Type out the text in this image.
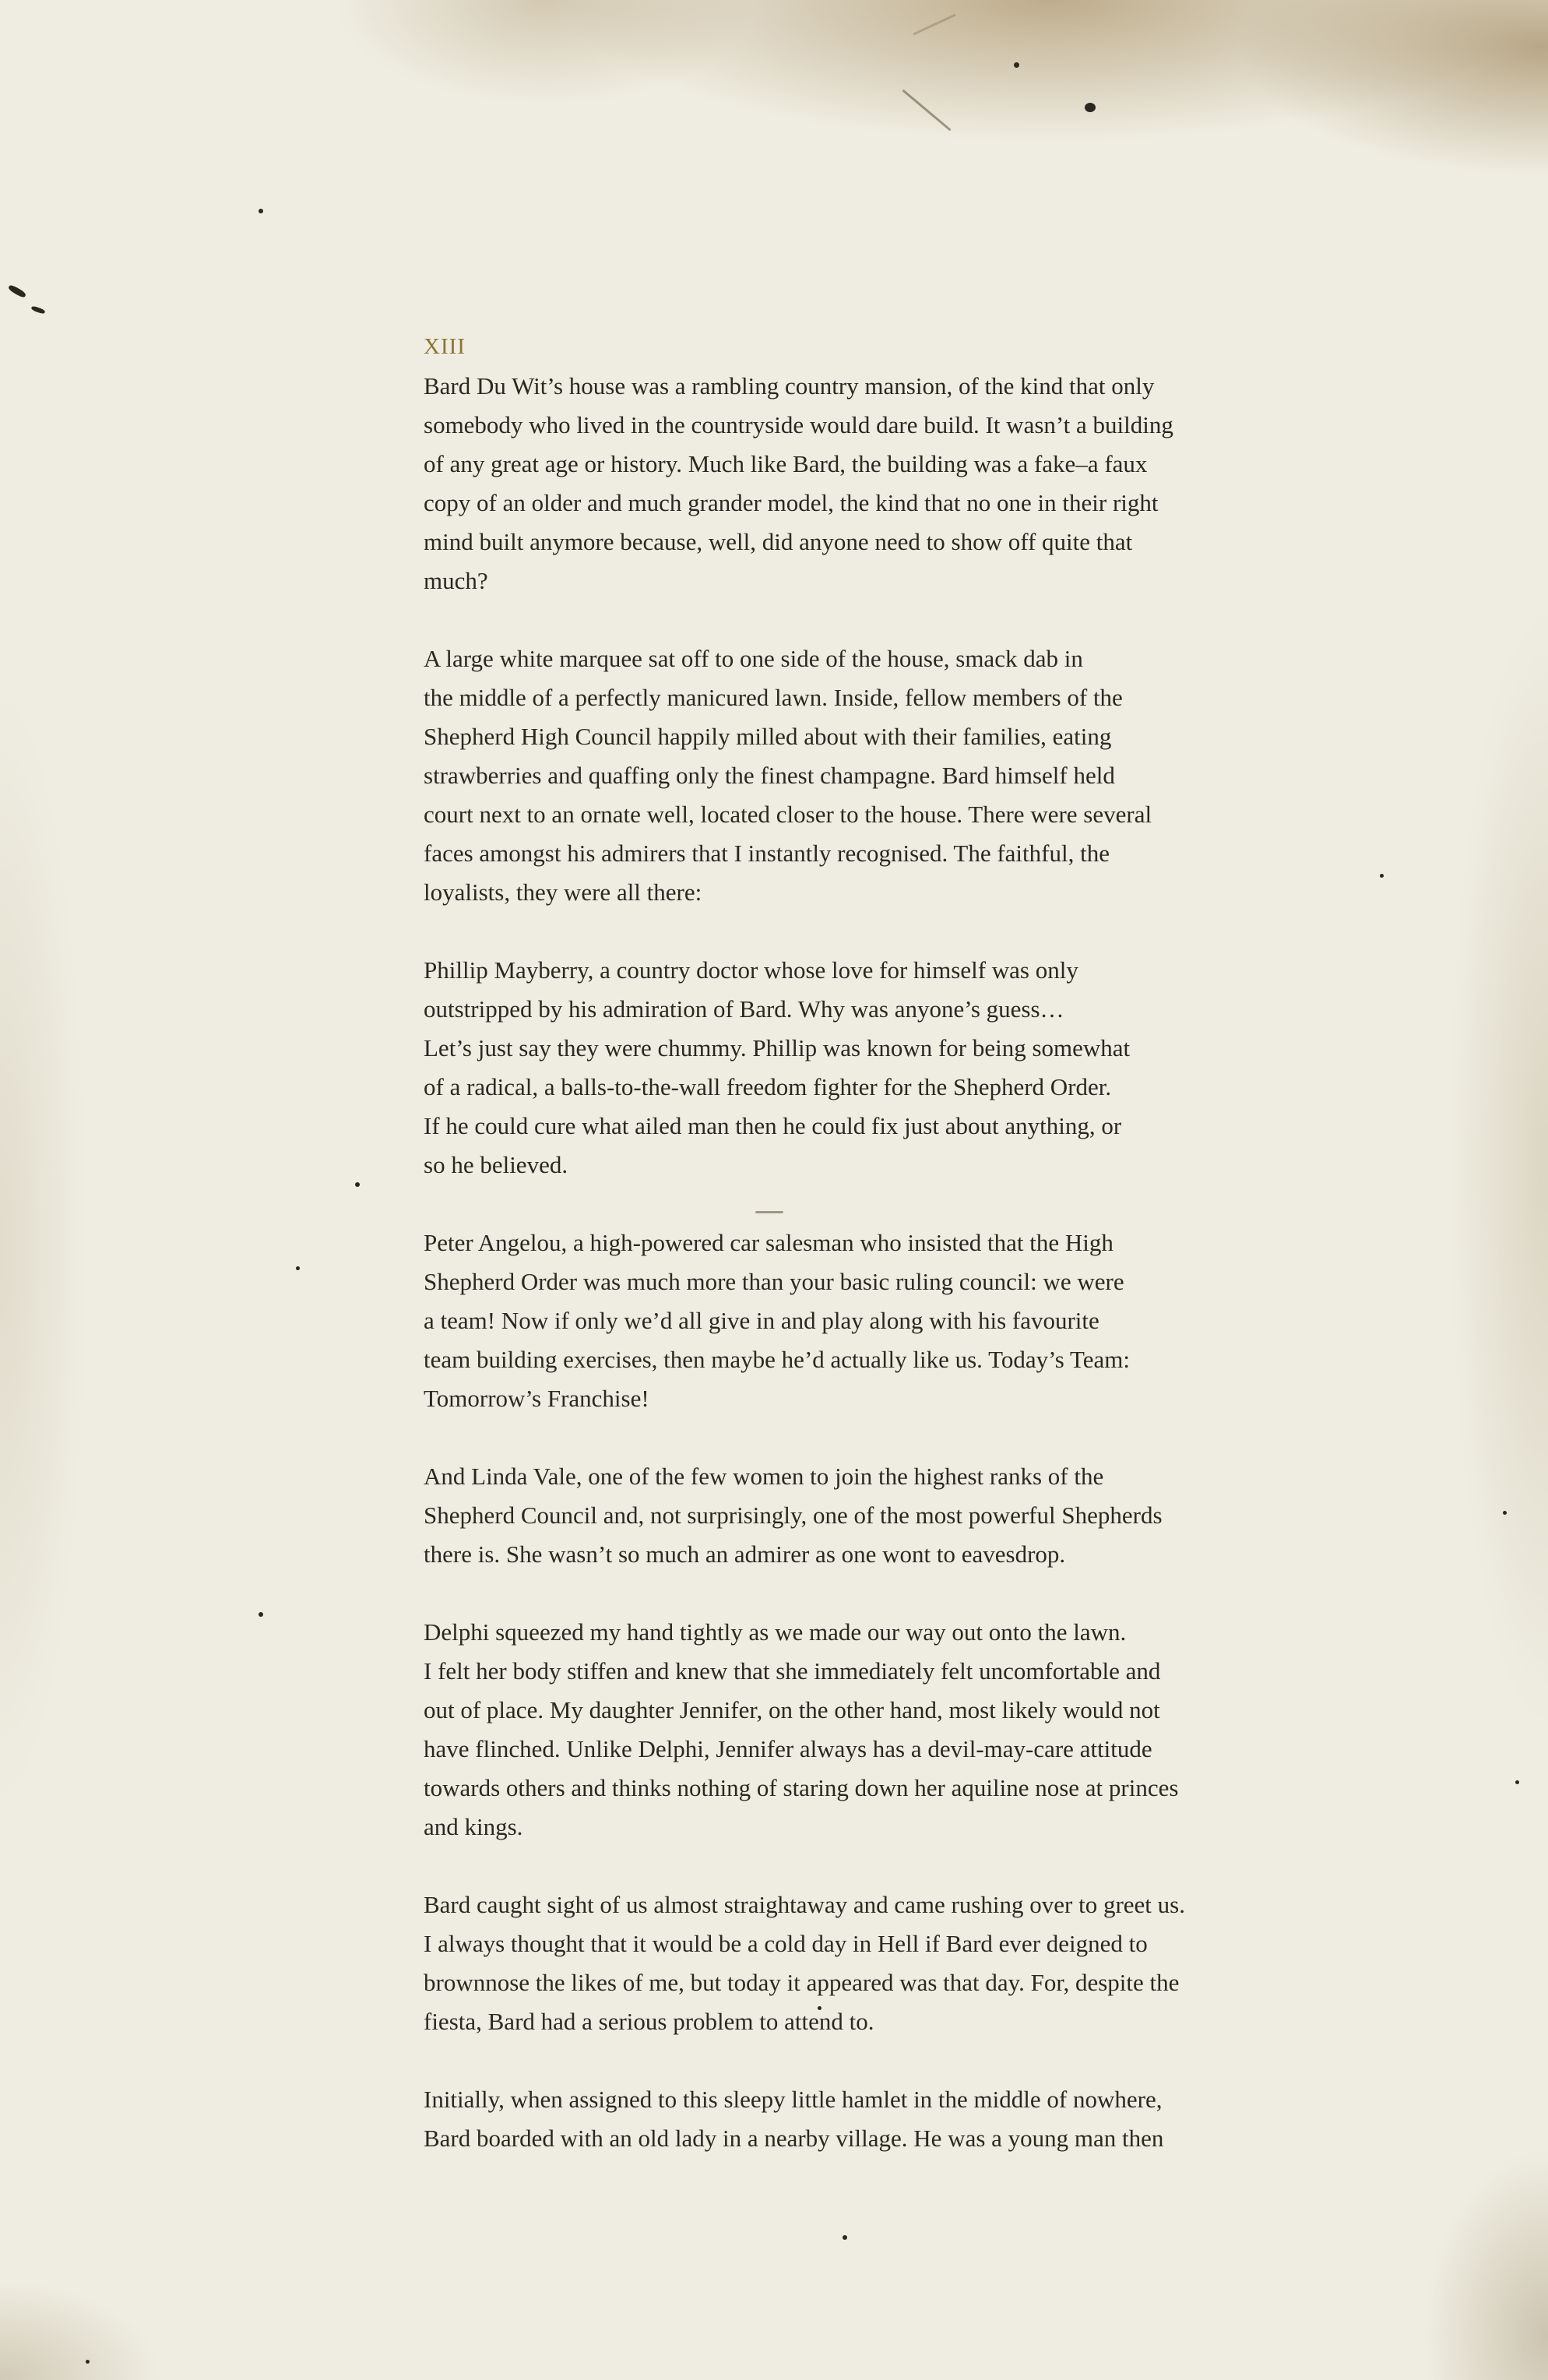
XIII

Bard Du Wit’s house was a rambling country mansion, of the kind that only
somebody who lived in the countryside would dare build. It wasn’t a building
of any great age or history. Much like Bard, the building was a fake–a faux
copy of an older and much grander model, the kind that no one in their right
mind built anymore because, well, did anyone need to show off quite that
much?

A large white marquee sat off to one side of the house, smack dab in
the middle of a perfectly manicured lawn. Inside, fellow members of the
Shepherd High Council happily milled about with their families, eating
strawberries and quaffing only the finest champagne. Bard himself held
court next to an ornate well, located closer to the house. There were several
faces amongst his admirers that I instantly recognised. The faithful, the
loyalists, they were all there:

Phillip Mayberry, a country doctor whose love for himself was only
outstripped by his admiration of Bard. Why was anyone’s guess…
Let’s just say they were chummy. Phillip was known for being somewhat
of a radical, a balls-to-the-wall freedom fighter for the Shepherd Order.
If he could cure what ailed man then he could fix just about anything, or
so he believed.

Peter Angelou, a high-powered car salesman who insisted that the High
Shepherd Order was much more than your basic ruling council: we were
a team! Now if only we’d all give in and play along with his favourite
team building exercises, then maybe he’d actually like us. Today’s Team:
Tomorrow’s Franchise!

And Linda Vale, one of the few women to join the highest ranks of the
Shepherd Council and, not surprisingly, one of the most powerful Shepherds
there is. She wasn’t so much an admirer as one wont to eavesdrop.

Delphi squeezed my hand tightly as we made our way out onto the lawn.
I felt her body stiffen and knew that she immediately felt uncomfortable and
out of place. My daughter Jennifer, on the other hand, most likely would not
have flinched. Unlike Delphi, Jennifer always has a devil-may-care attitude
towards others and thinks nothing of staring down her aquiline nose at princes
and kings.

Bard caught sight of us almost straightaway and came rushing over to greet us.
I always thought that it would be a cold day in Hell if Bard ever deigned to
brownnose the likes of me, but today it appeared was that day. For, despite the
fiesta, Bard had a serious problem to attend to.

Initially, when assigned to this sleepy little hamlet in the middle of nowhere,
Bard boarded with an old lady in a nearby village. He was a young man then
